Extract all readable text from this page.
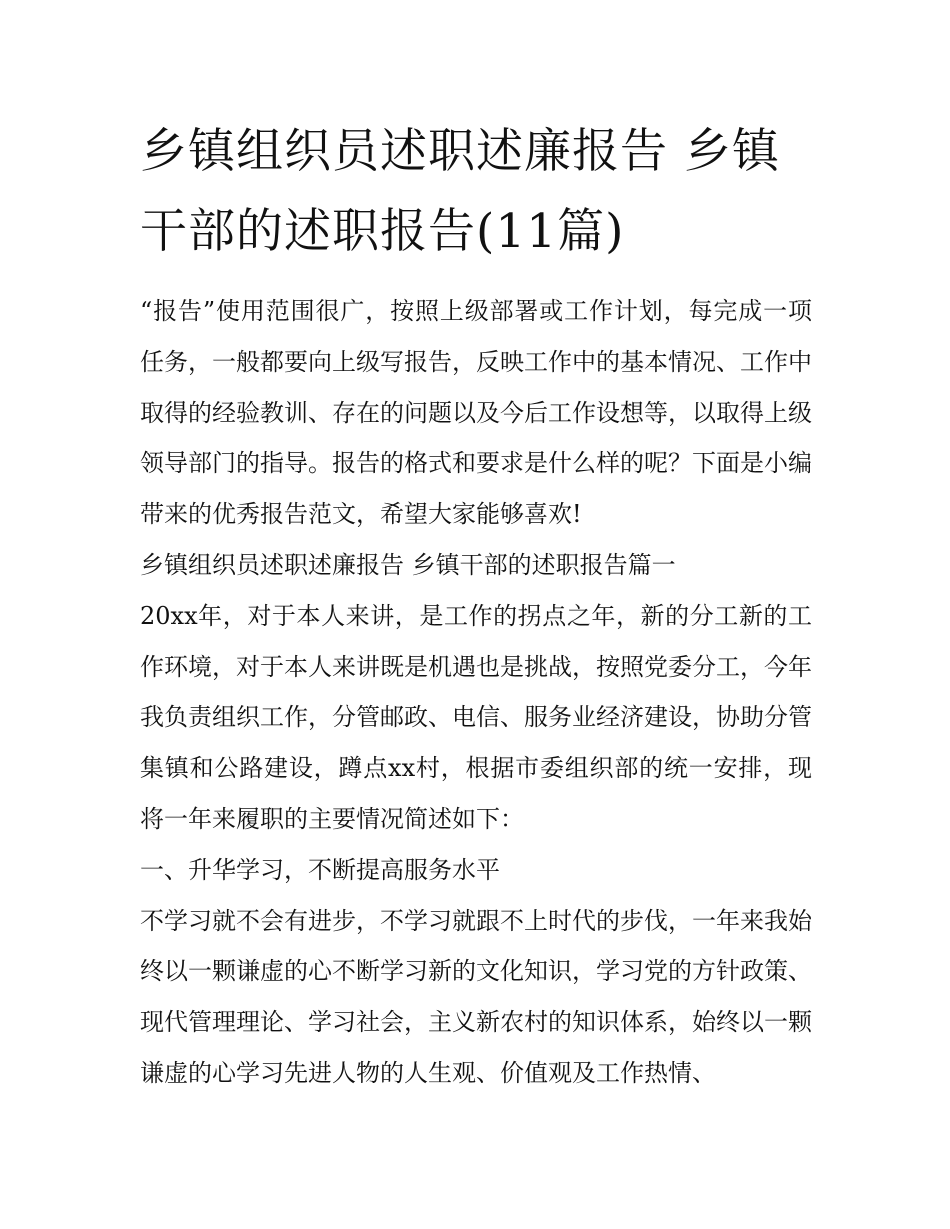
乡镇组织员述职述廉报告 乡镇干部的述职报告(11篇)

“报告”使用范围很广，按照上级部署或工作计划，每完成一项任务，一般都要向上级写报告，反映工作中的基本情况、工作中取得的经验教训、存在的问题以及今后工作设想等，以取得上级领导部门的指导。报告的格式和要求是什么样的呢？下面是小编带来的优秀报告范文，希望大家能够喜欢!

乡镇组织员述职述廉报告 乡镇干部的述职报告篇一

20xx年，对于本人来讲，是工作的拐点之年，新的分工新的工作环境，对于本人来讲既是机遇也是挑战，按照党委分工，今年我负责组织工作，分管邮政、电信、服务业经济建设，协助分管集镇和公路建设，蹲点xx村，根据市委组织部的统一安排，现将一年来履职的主要情况简述如下：

一、升华学习，不断提高服务水平

不学习就不会有进步，不学习就跟不上时代的步伐，一年来我始终以一颗谦虚的心不断学习新的文化知识，学习党的方针政策、现代管理理论、学习社会，主义新农村的知识体系，始终以一颗谦虚的心学习先进人物的人生观、价值观及工作热情、
